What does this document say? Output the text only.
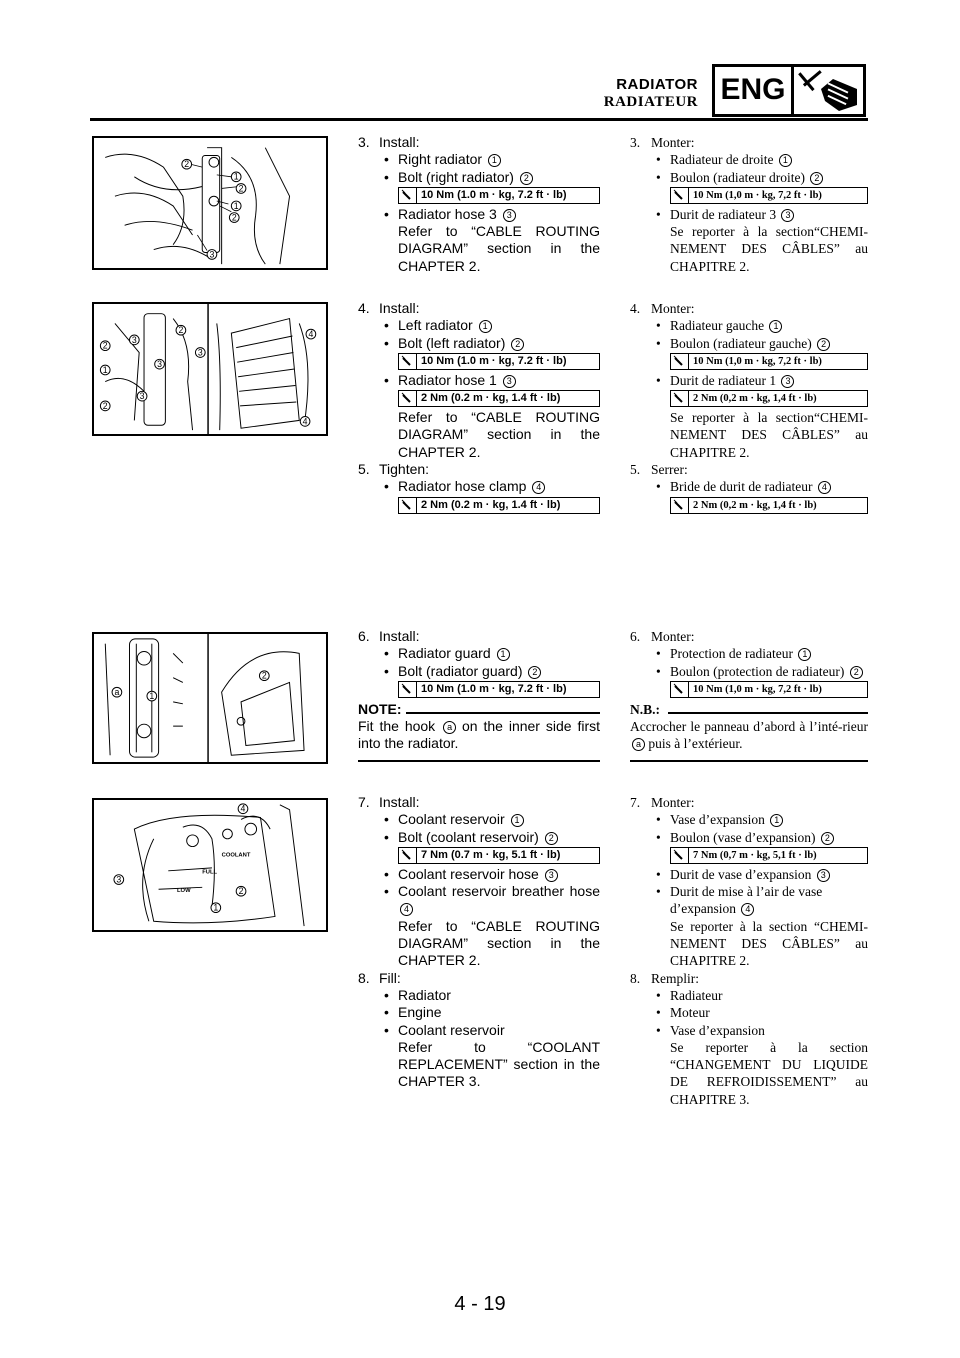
RADIATOR
RADIATEUR ENG
2
1
2
1
2
3
3
2
2
3
1
3
2
3
4
4
a	1
2
COOLANT
FULL
LOW
4
3
2
1
3. Install:
• Right radiator 1
• Bolt (right radiator) 2
10 Nm (1.0 m · kg, 7.2 ft · lb)
• Radiator hose 3 3
Refer to “CABLE ROUTING DIAGRAM” section in the CHAPTER 2.
4. Install:
• Left radiator 1
• Bolt (left radiator) 2
10 Nm (1.0 m · kg, 7.2 ft · lb)
• Radiator hose 1 3
2 Nm (0.2 m · kg, 1.4 ft · lb)
Refer to “CABLE ROUTING DIAGRAM” section in the CHAPTER 2.
5. Tighten:
• Radiator hose clamp 4
2 Nm (0.2 m · kg, 1.4 ft · lb)
6. Install:
• Radiator guard 1
• Bolt (radiator guard) 2
10 Nm (1.0 m · kg, 7.2 ft · lb)
NOTE:
Fit the hook a on the inner side first into the radiator.
7. Install:
• Coolant reservoir 1
• Bolt (coolant reservoir) 2
7 Nm (0.7 m · kg, 5.1 ft · lb)
• Coolant reservoir hose 3
• Coolant reservoir breather hose 4
Refer to “CABLE ROUTING DIAGRAM” section in the CHAPTER 2.
8. Fill:
• Radiator
• Engine
• Coolant reservoir
Refer to “COOLANT REPLACEMENT” section in the CHAPTER 3.
3. Monter:
• Radiateur de droite 1
• Boulon (radiateur droite) 2
10 Nm (1,0 m · kg, 7,2 ft · lb)
• Durit de radiateur 3 3
Se reporter à la section“CHEMI-NEMENT DES CÂBLES” au CHAPITRE 2.
4. Monter:
• Radiateur gauche 1
• Boulon (radiateur gauche) 2
10 Nm (1,0 m · kg, 7,2 ft · lb)
• Durit de radiateur 1 3
2 Nm (0,2 m · kg, 1,4 ft · lb)
Se reporter à la section“CHEMI-NEMENT DES CÂBLES” au CHAPITRE 2.
5. Serrer:
• Bride de durit de radiateur 4
2 Nm (0,2 m · kg, 1,4 ft · lb)
6. Monter:
• Protection de radiateur 1
• Boulon (protection de radiateur) 2
10 Nm (1,0 m · kg, 7,2 ft · lb)
N.B.:
Accrocher le panneau d’abord à l’inté-rieur a puis à l’extérieur.
7. Monter:
• Vase d’expansion 1
• Boulon (vase d’expansion) 2
7 Nm (0,7 m · kg, 5,1 ft · lb)
• Durit de vase d’expansion 3
• Durit de mise à l’air de vase d’expansion 4
Se reporter à la section “CHEMI-NEMENT DES CÂBLES” au CHAPITRE 2.
8. Remplir:
• Radiateur
• Moteur
• Vase d’expansion
Se reporter à la section “CHANGEMENT DU LIQUIDE DE REFROIDISSEMENT” au CHAPITRE 3.
4 - 19
